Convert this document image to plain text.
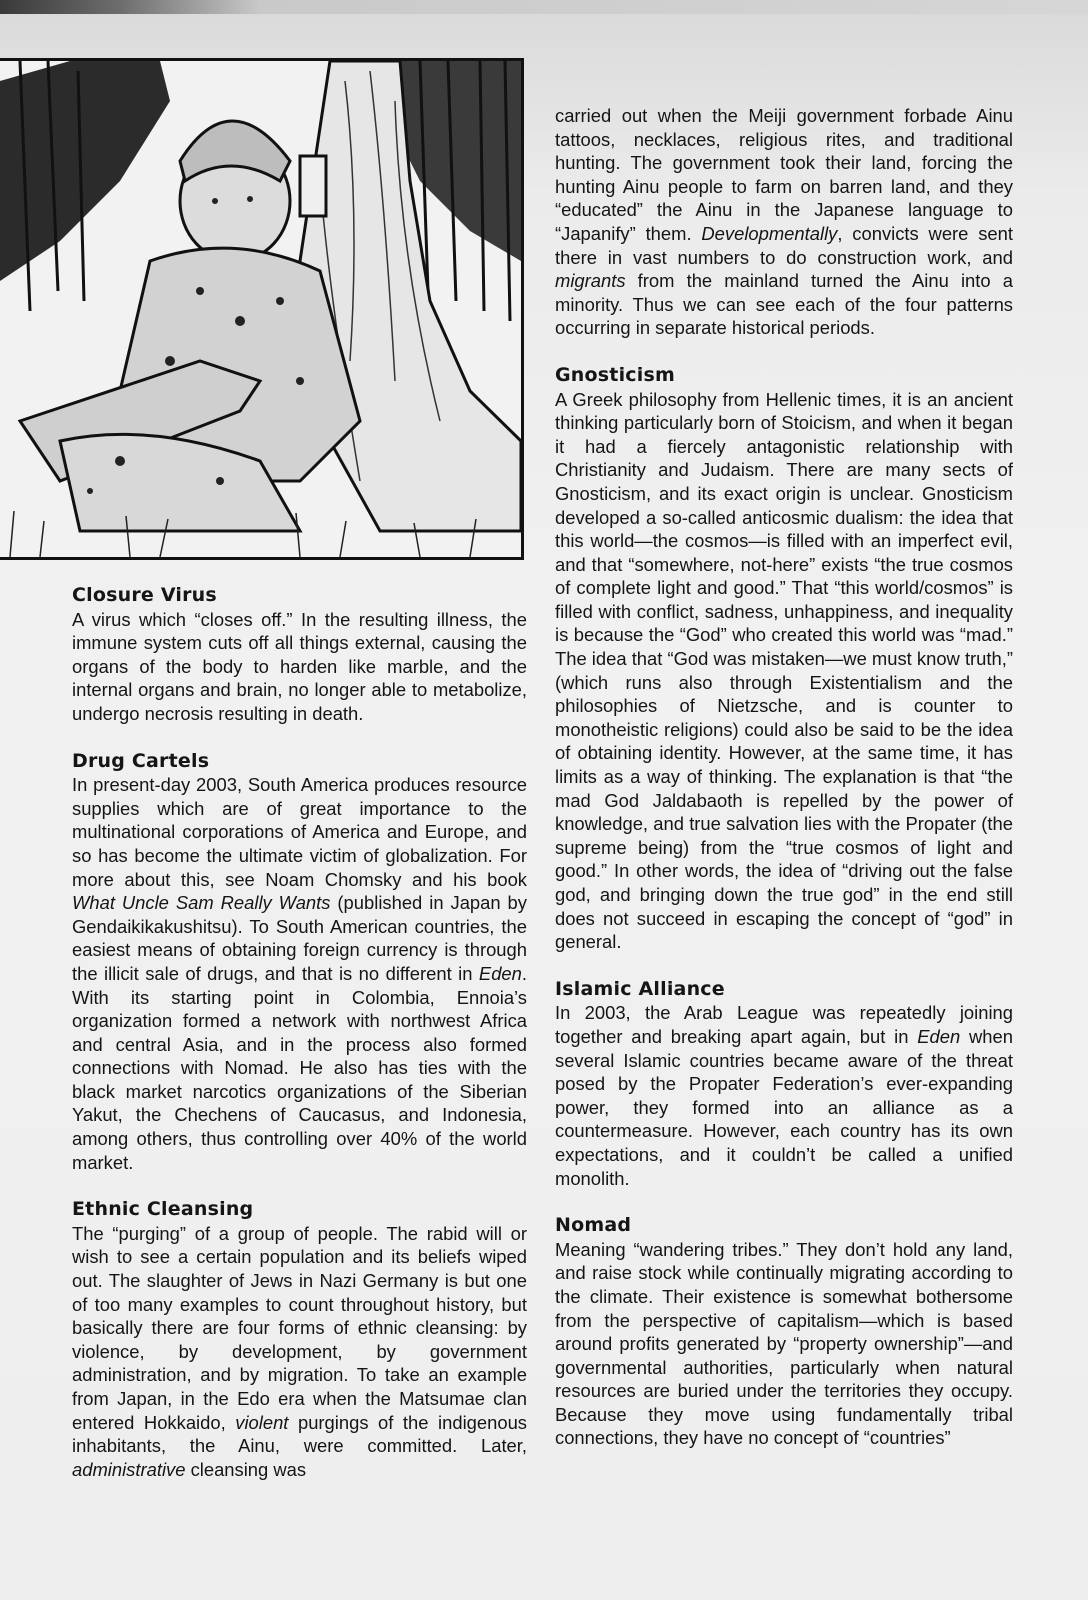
Closure Virus

A virus which “closes off.” In the resulting illness, the immune system cuts off all things external, causing the organs of the body to harden like marble, and the internal organs and brain, no longer able to metabolize, undergo necrosis resulting in death.

Drug Cartels

In present-day 2003, South America produces resource supplies which are of great importance to the multinational corporations of America and Europe, and so has become the ultimate victim of globalization. For more about this, see Noam Chomsky and his book What Uncle Sam Really Wants (published in Japan by Gendaikikakushitsu). To South American countries, the easiest means of obtaining foreign currency is through the illicit sale of drugs, and that is no different in Eden. With its starting point in Colombia, Ennoia’s organization formed a network with northwest Africa and central Asia, and in the process also formed connections with Nomad. He also has ties with the black market narcotics organizations of the Siberian Yakut, the Chechens of Caucasus, and Indonesia, among others, thus controlling over 40% of the world market.

Ethnic Cleansing

The “purging” of a group of people. The rabid will or wish to see a certain population and its beliefs wiped out. The slaughter of Jews in Nazi Germany is but one of too many examples to count throughout history, but basically there are four forms of ethnic cleansing: by violence, by development, by government administration, and by migration. To take an example from Japan, in the Edo era when the Matsumae clan entered Hokkaido, violent purgings of the indigenous inhabitants, the Ainu, were committed. Later, administrative cleansing was

carried out when the Meiji government forbade Ainu tattoos, necklaces, religious rites, and traditional hunting. The government took their land, forcing the hunting Ainu people to farm on barren land, and they “educated” the Ainu in the Japanese language to “Japanify” them. Developmentally, convicts were sent there in vast numbers to do construction work, and migrants from the mainland turned the Ainu into a minority. Thus we can see each of the four patterns occurring in separate historical periods.

Gnosticism

A Greek philosophy from Hellenic times, it is an ancient thinking particularly born of Stoicism, and when it began it had a fiercely antagonistic relationship with Christianity and Judaism. There are many sects of Gnosticism, and its exact origin is unclear. Gnosticism developed a so-called anticosmic dualism: the idea that this world—the cosmos—is filled with an imperfect evil, and that “somewhere, not-here” exists “the true cosmos of complete light and good.” That “this world/cosmos” is filled with conflict, sadness, unhappiness, and inequality is because the “God” who created this world was “mad.” The idea that “God was mistaken—we must know truth,” (which runs also through Existentialism and the philosophies of Nietzsche, and is counter to monotheistic religions) could also be said to be the idea of obtaining identity. However, at the same time, it has limits as a way of thinking. The explanation is that “the mad God Jaldabaoth is repelled by the power of knowledge, and true salvation lies with the Propater (the supreme being) from the “true cosmos of light and good.” In other words, the idea of “driving out the false god, and bringing down the true god” in the end still does not succeed in escaping the concept of “god” in general.

Islamic Alliance

In 2003, the Arab League was repeatedly joining together and breaking apart again, but in Eden when several Islamic countries became aware of the threat posed by the Propater Federation’s ever-expanding power, they formed into an alliance as a countermeasure. However, each country has its own expectations, and it couldn’t be called a unified monolith.

Nomad

Meaning “wandering tribes.” They don’t hold any land, and raise stock while continually migrating according to the climate. Their existence is somewhat bothersome from the perspective of capitalism—which is based around profits generated by “property ownership”—and governmental authorities, particularly when natural resources are buried under the territories they occupy. Because they move using fundamentally tribal connections, they have no concept of “countries”
